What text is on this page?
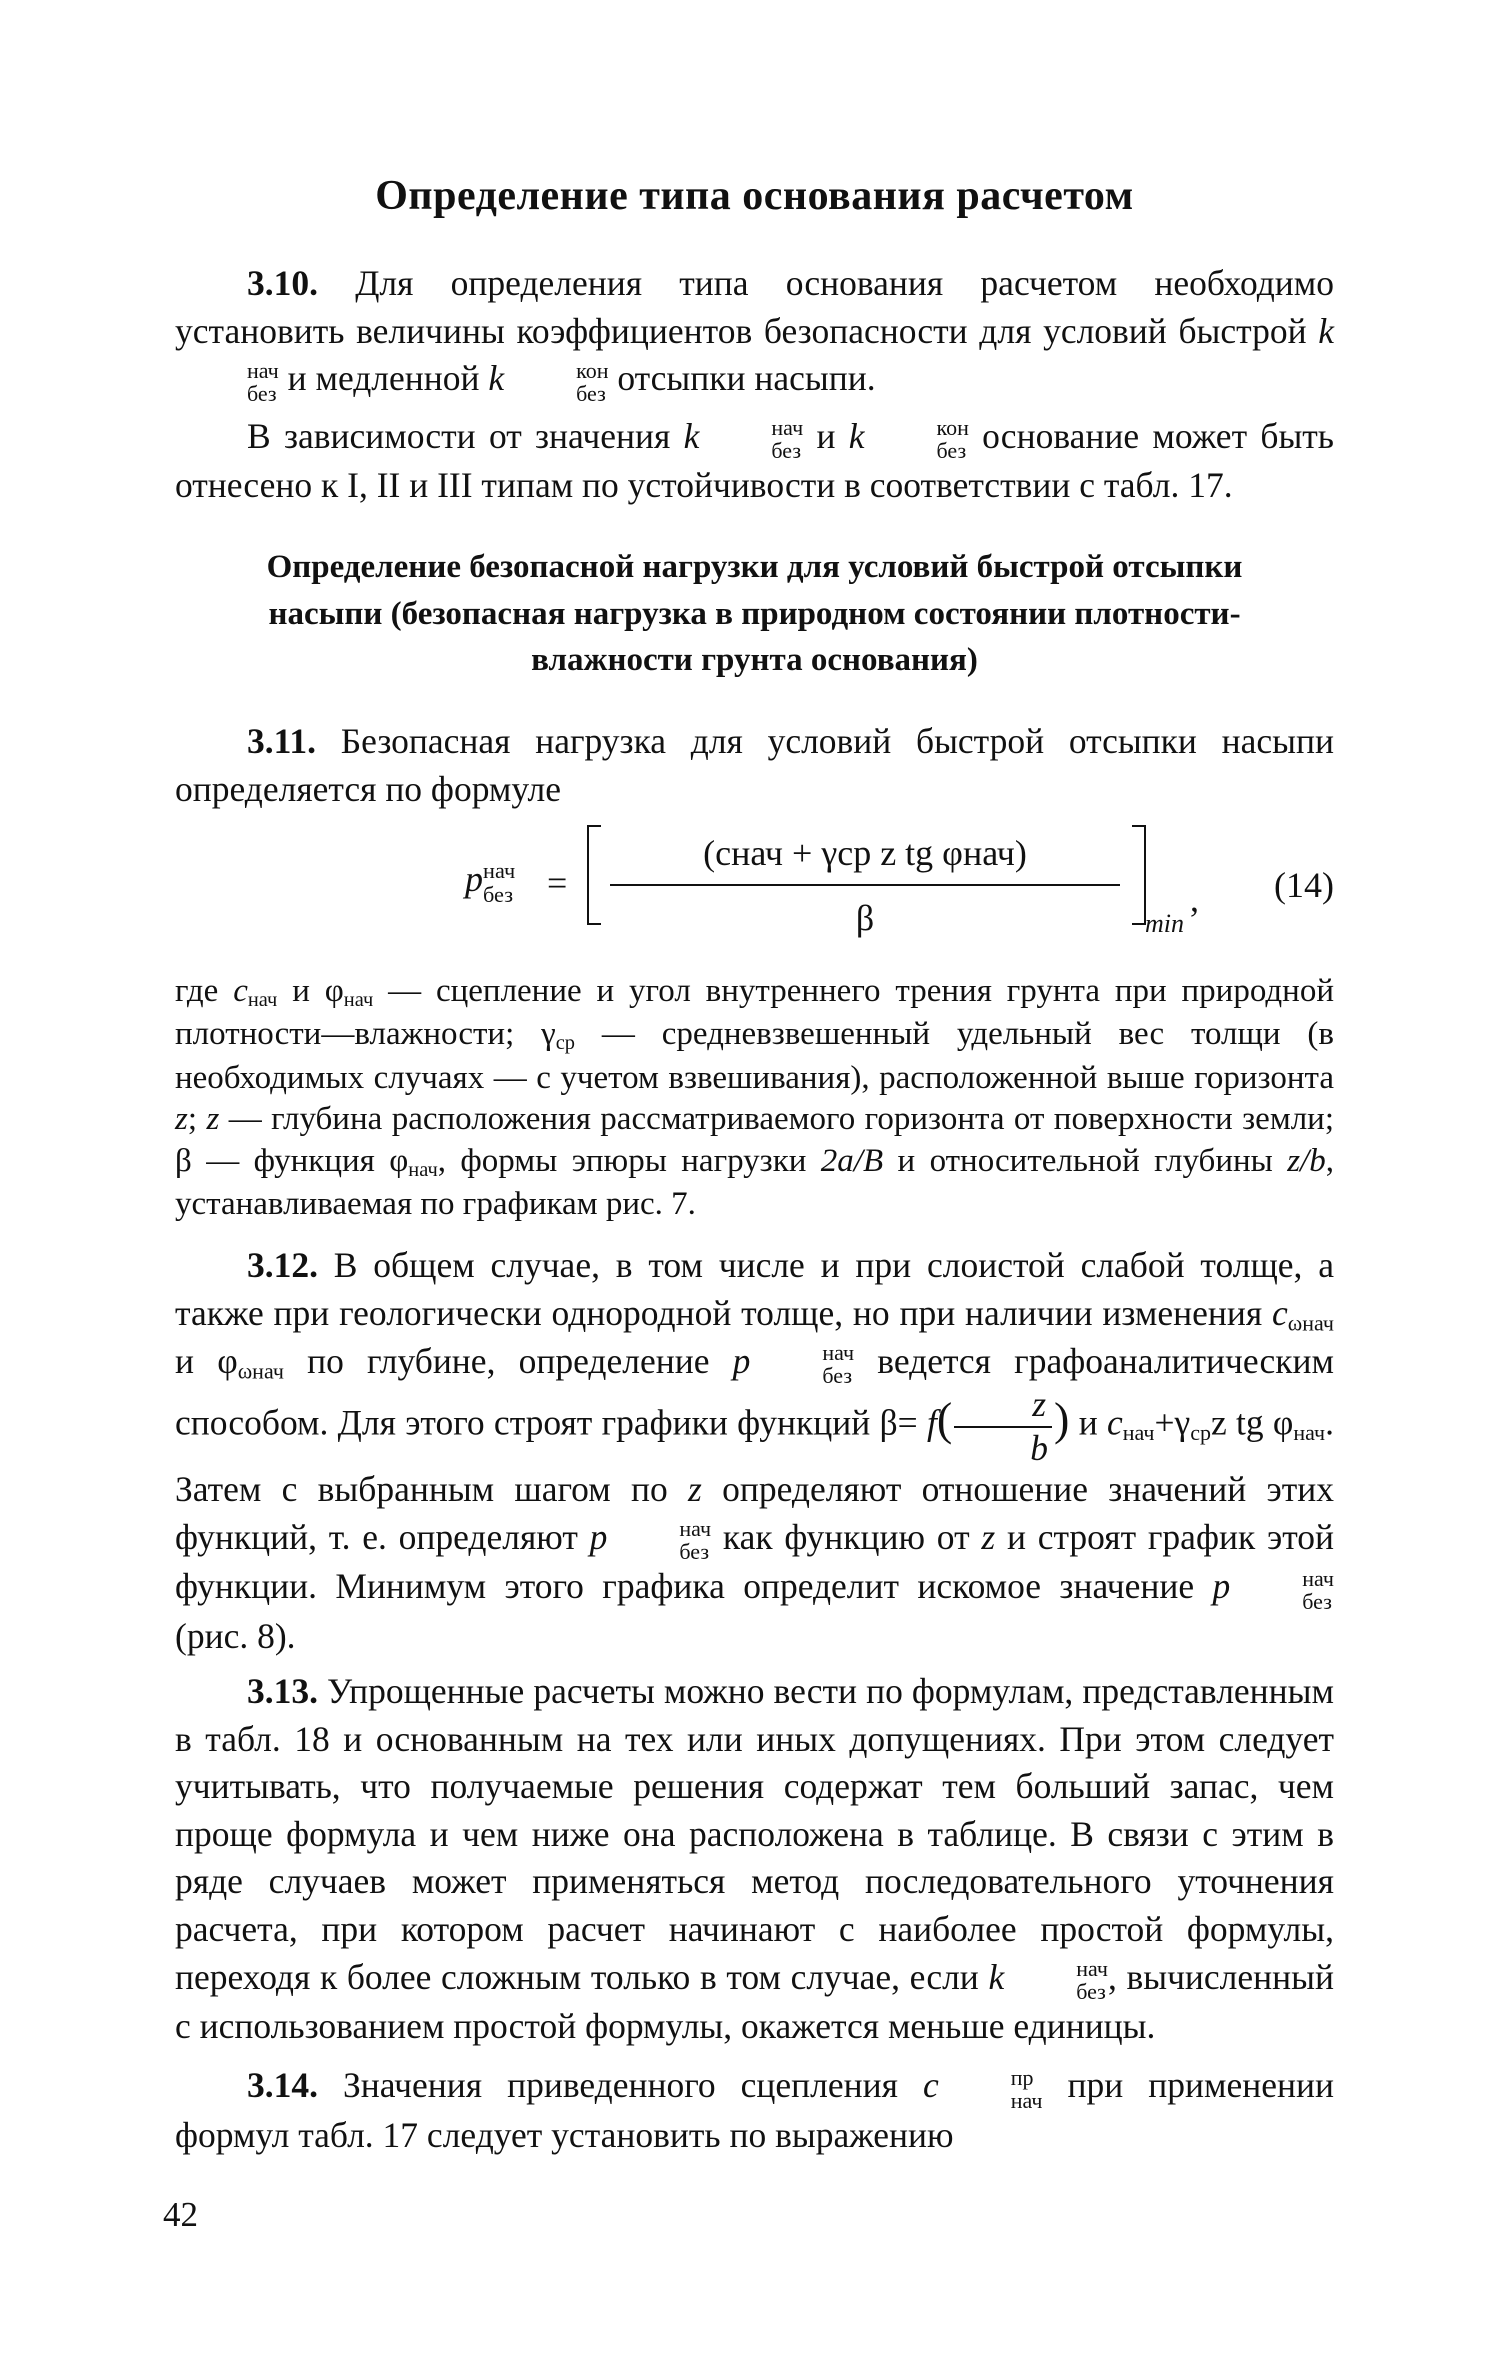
Определение типа основания расчетом

3.10. Для определения типа основания расчетом необходимо установить величины коэффициентов безопасности для условий быстрой k
нач
без и медленной k	кон
без отсыпки насыпи.

В зависимости от значения k	нач
без и k	кон
без основание может быть отнесено к I, II и III типам по устойчивости в соответствии с табл. 17.

Определение безопасной нагрузки для условий быстрой отсыпки насыпи (безопасная нагрузка в природном состоянии плотности-влажности грунта основания)

3.11. Безопасная нагрузка для условий быстрой отсыпки насыпи определяется по формуле

p нач
без =
(cнач + γср z tg φнач)
β	min
, (14)

где $c_{нач}$ и $\varphi_{нач}$ — сцепление и угол внутреннего трения грунта при природной плотности—влажности; $\gamma_{ср}$ — средневзвешенный удельный вес толщи (в необходимых случаях — с учетом взвешивания), расположенной выше горизонта z; z — глубина расположения рассматриваемого горизонта от поверхности земли; β — функция $\varphi_{нач}$, формы эпюры нагрузки 2a/B и относительной глубины z/b, устанавливаемая по графикам рис. 7.

3.12. В общем случае, в том числе и при слоистой слабой толще, а также при геологически однородной толще, но при наличии изменения $c_{\omega нач}$ и $\varphi_{\omega нач}$ по глубине, определение p	нач
без ведется графоаналитическим способом. Для этого строят графики функций $\beta= f( \frac{z}{b}$ ) и $c_{нач}+\gamma_{ср}z$ tg $\varphi_{нач}$. Затем с выбранным шагом по z определяют отношение значений этих функций, т. е. определяют p	нач
без как функцию от z и строят график этой функции. Минимум этого графика определит искомое значение p	нач
без
(рис. 8).

3.13. Упрощенные расчеты можно вести по формулам, представленным в табл. 18 и основанным на тех или иных допущениях. При этом следует учитывать, что получаемые решения содержат тем больший запас, чем проще формула и чем ниже она расположена в таблице. В связи с этим в ряде случаев может применяться метод последовательного уточнения расчета, при котором расчет начинают с наиболее простой формулы, переходя к более сложным только в том случае, если k	нач
без , вычисленный с использованием простой формулы, окажется меньше единицы.

3.14. Значения приведенного сцепления c	пр
нач при применении формул табл. 17 следует установить по выражению

42
